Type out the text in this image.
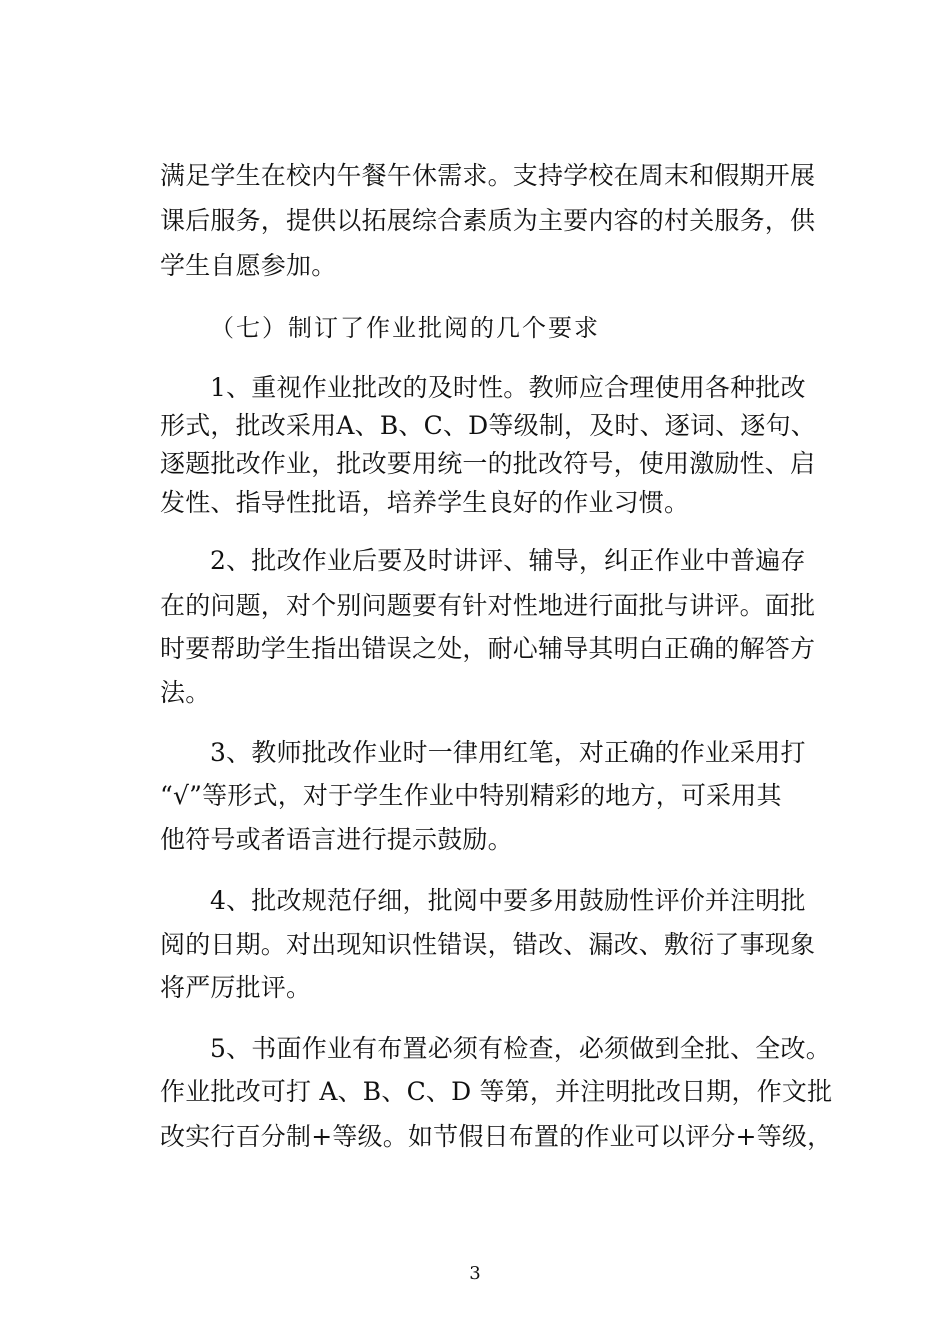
满足学生在校内午餐午休需求。支持学校在周末和假期开展
课后服务，提供以拓展综合素质为主要内容的村关服务，供
学生自愿参加。
（七）制订了作业批阅的几个要求
1、重视作业批改的及时性。教师应合理使用各种批改
形式，批改采用A、B、C、D等级制，及时、逐词、逐句、
逐题批改作业，批改要用统一的批改符号，使用激励性、启
发性、指导性批语，培养学生良好的作业习惯。
2、批改作业后要及时讲评、辅导，纠正作业中普遍存
在的问题，对个别问题要有针对性地进行面批与讲评。面批
时要帮助学生指出错误之处，耐心辅导其明白正确的解答方
法。
3、教师批改作业时一律用红笔，对正确的作业采用打
“√”等形式，对于学生作业中特别精彩的地方，可采用其
他符号或者语言进行提示鼓励。
4、批改规范仔细，批阅中要多用鼓励性评价并注明批
阅的日期。对出现知识性错误，错改、漏改、敷衍了事现象
将严厉批评。
5、书面作业有布置必须有检查，必须做到全批、全改。
作业批改可打 A、B、C、D 等第，并注明批改日期，作文批
改实行百分制+等级。如节假日布置的作业可以评分+等级，
3
